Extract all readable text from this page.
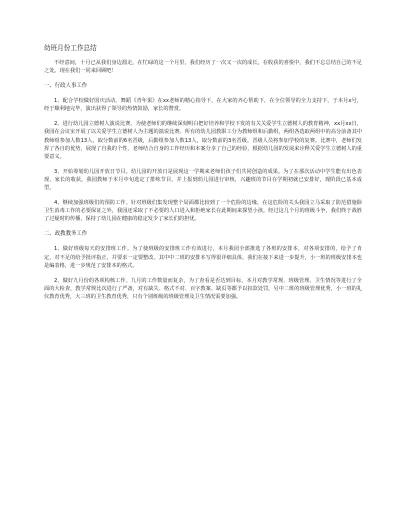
幼班月份工作总结

不经意间，十月已从我们身边溜走，在忙碌的这一个月里，我们经历了一次又一次的成长，在收获的喜悦中，我们不忘总结自己的不足之处。现在我们一同来回顾吧！

一、行政人事工作

1、配合学校做好国庆活动。舞蹈《青年果》在xx老师的精心指导下，在大家的齐心帮助下，在全位领导的全力支持下，于本月x号，经于顺利地完毕，演出获得了领导的热情鼓励，家长的赞赏。

2、进行幼儿园立德树人演说比赛。为使老师们的继续深刻明白把好培养和学校下发的有关关爱学生立德树人的教育精神，xx月xx日，我园在会议室开展了以关爱学生立德树人为主题的演说比赛。所有的幼儿园教职工分为教师组和后勤组，两组各选取两组中的高分前备其中教师组参加人数13人，取分数前的6名晋级，后勤组参加人数13人，取分数前的3名晋级。晋级人员将参加学校的复赛。比赛中，老师们发挥了各自的优势，展现了自我的个性，老师结合自身的工作经历和本案分享了自己的经验，根据幼儿园的发展来诠释关爱学生立德树人的重要意义。

3、开始筹划幼儿园开放日节目。幼儿园的开放日是展现这一学期来老师们孩子们共同创造的成果。为了在那次活动中学生能有出色表现、家长的收获，我园教师于本月中旬选定了排练节目，并上报到幼儿园进行审核，兴趣班的节目在学期初就已安排好，现阶段已基本成型。

4、继续加强班级们的预防工作。针对班级们集发现整个局面都比较到了一个危险的边缘，在这危险的关头我园立马采取了防范措施除卫生消毒工作的必要保证之外，我园还采取了不必要的人口进入和拒绝家长在此期间来探望小孩。经过这几个月的班级斗争，我们终于战胜了过疑时的传播，保持了幼儿园在健康的稳定发少了家长们的担忧。

二、政教教务工作

1、做好班级每天的安排班工作。为了使班级的安排班工作有效进行，本月我园全部推选了各班的安排本，对各项安排的，给予了肯定，对不足的给予批评指正，并要求一定要整改。其中中二班的安排本写得很详细具体，我们在接下来进一步提升，小一班的班级安排本也是编表格，进一步规范了安排本的格式。

2、做好九月份的各项构核工作。九月的工作数量而复杂，为了查看是否达到目标，本月对教学常规、班级管理、卫生情况等进行了全面的大检查，教学常规比次进行了严备，对有缺失、格式不对、百字教案、缺页等都予以扣款处罚，另中二班的班级管理优秀，小一班的礼仪教育优秀，大三班的卫生教育优秀，只有个别班级的班级管理及卫生情况需要加强。
